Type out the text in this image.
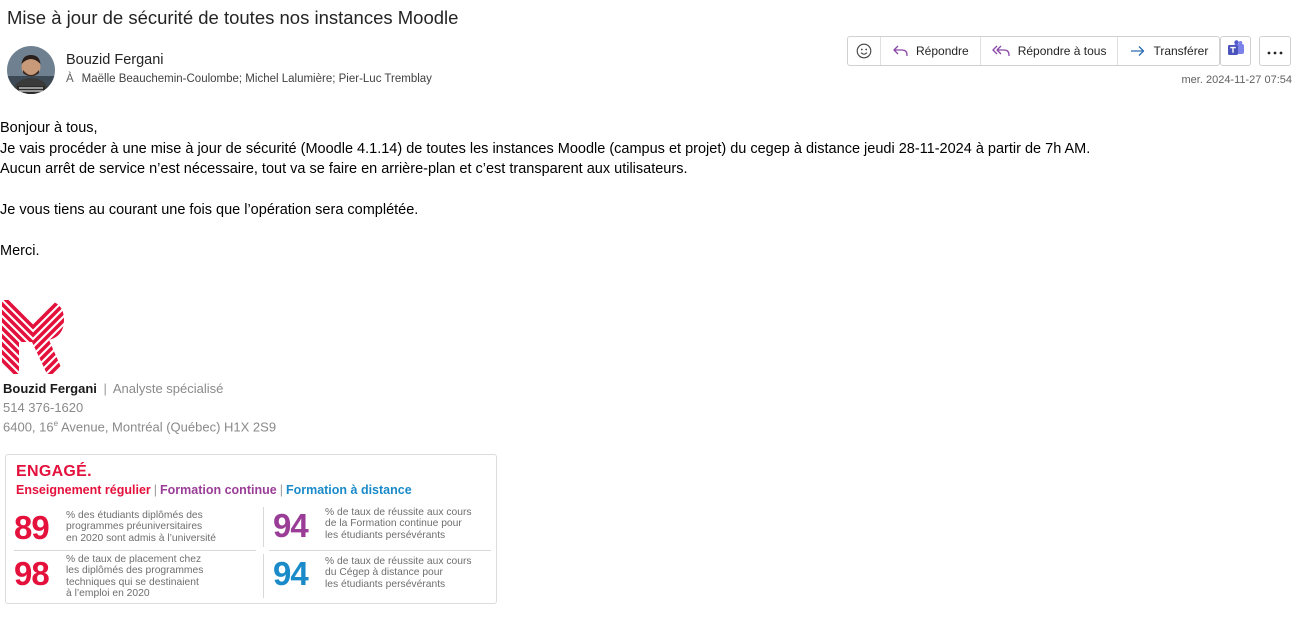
Mise à jour de sécurité de toutes nos instances Moodle
Bouzid Fergani
À Maëlle Beauchemin-Coulombe; Michel Lalumière; Pier-Luc Tremblay
Répondre	Répondre à tous	Transférer
mer. 2024-11-27 07:54

Bonjour à tous,

Je vais procéder à une mise à jour de sécurité (Moodle 4.1.14) de toutes les instances Moodle (campus et projet) du cegep à distance jeudi 28-11-2024 à partir de 7h AM.

Aucun arrêt de service n’est nécessaire, tout va se faire en arrière-plan et c’est transparent aux utilisateurs.

Je vous tiens au courant une fois que l’opération sera complétée.

Merci.

Bouzid Fergani | Analyste spécialisé
514 376-1620
6400, 16e Avenue, Montréal (Québec) H1X 2S9
ENGAGÉ.
Enseignement régulier | Formation continue | Formation à distance
89 % des étudiants diplômés des
programmes préuniversitaires
en 2020 sont admis à l’université 94 % de taux de réussite aux cours
de la Formation continue pour
les étudiants persévérants
98 % de taux de placement chez
les diplômés des programmes
techniques qui se destinaient
à l’emploi en 2020
94 % de taux de réussite aux cours
du Cégep à distance pour
les étudiants persévérants
